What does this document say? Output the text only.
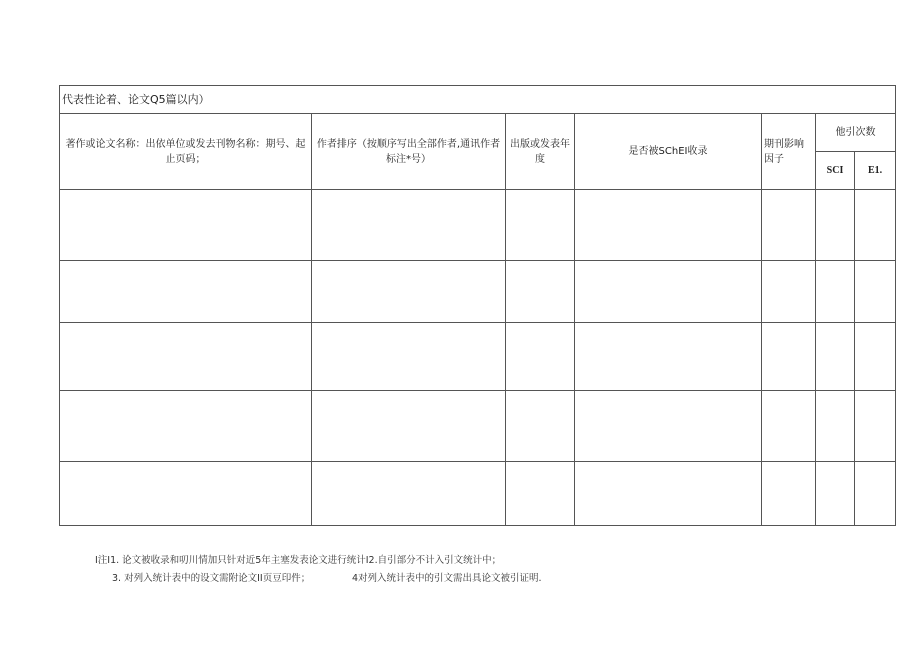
代表性论着、论文Q5篇以内）						
著作或论文名称：出依单位或发去刊物名称：期号、起止页码；	作者排序（按顺序写出全部作者,通讯作者标注*号）	出版或发表年度	是否被SChEI收录	期刊影响因子	他引次数	
					SCI	E1.

I注I1. 论文被收录和叨川情加只针对近5年主塞发表论文进行统计I2.自引部分不计入引文统计中；
3. 对列入统计表中的设文需附论文II页豆印件；	4对列入统计表中的引文需出具论文被引证明.
